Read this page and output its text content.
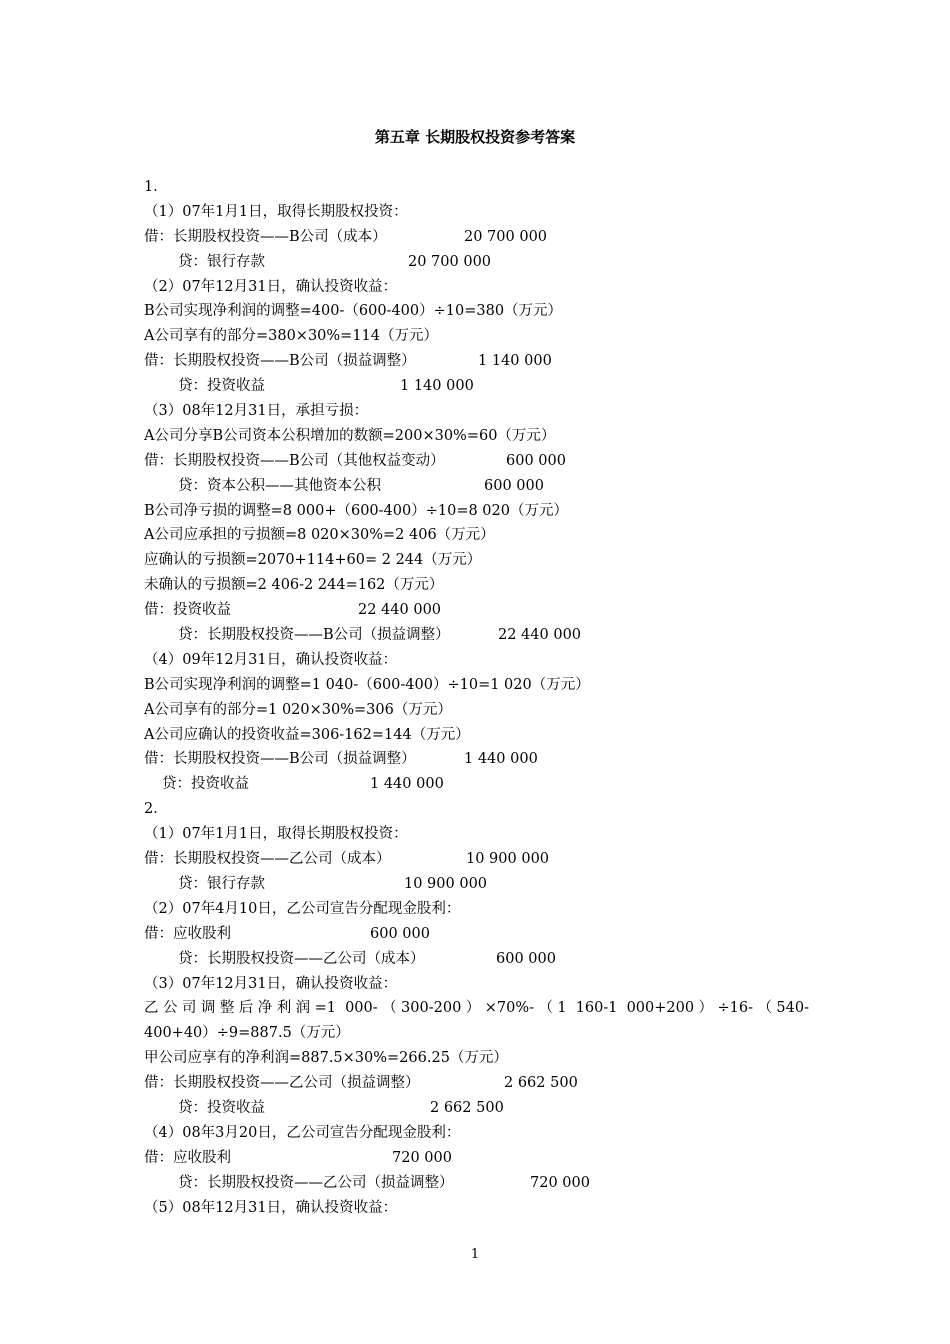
第五章 长期股权投资参考答案
1．
（1）07年1月1日，取得长期股权投资：
借：长期股权投资——B公司（成本）	20 700 000
贷：银行存款	20 700 000
（2）07年12月31日，确认投资收益：
B公司实现净利润的调整=400-（600-400）÷10=380（万元）
A公司享有的部分=380×30%=114（万元）
借：长期股权投资——B公司（损益调整）	1 140 000
贷：投资收益	1 140 000
（3）08年12月31日，承担亏损：
A公司分享B公司资本公积增加的数额=200×30%=60（万元）
借：长期股权投资——B公司（其他权益变动）	600 000
贷：资本公积——其他资本公积	600 000
B公司净亏损的调整=8 000+（600-400）÷10=8 020（万元）
A公司应承担的亏损额=8 020×30%=2 406（万元）
应确认的亏损额=2070+114+60= 2 244（万元）
未确认的亏损额=2 406-2 244=162（万元）
借：投资收益	22 440 000
贷：长期股权投资——B公司（损益调整）	22 440 000
（4）09年12月31日，确认投资收益：
B公司实现净利润的调整=1 040-（600-400）÷10=1 020（万元）
A公司享有的部分=1 020×30%=306（万元）
A公司应确认的投资收益=306-162=144（万元）
借：长期股权投资——B公司（损益调整）	1 440 000
贷：投资收益	1 440 000
2．
（1）07年1月1日，取得长期股权投资：
借：长期股权投资——乙公司（成本）	10 900 000
贷：银行存款	10 900 000
（2）07年4月10日，乙公司宣告分配现金股利：
借：应收股利	600 000
贷：长期股权投资——乙公司（成本）	600 000
（3）07年12月31日，确认投资收益：
乙公司调整后净利润=1 000-（300-200）×70%-（1 160-1 000+200）÷16-（540-
400+40）÷9=887.5（万元）
甲公司应享有的净利润=887.5×30%=266.25（万元）
借：长期股权投资——乙公司（损益调整）	2 662 500
贷：投资收益	2 662 500
（4）08年3月20日，乙公司宣告分配现金股利：
借：应收股利	720 000
贷：长期股权投资——乙公司（损益调整）	720 000
（5）08年12月31日，确认投资收益：
1
